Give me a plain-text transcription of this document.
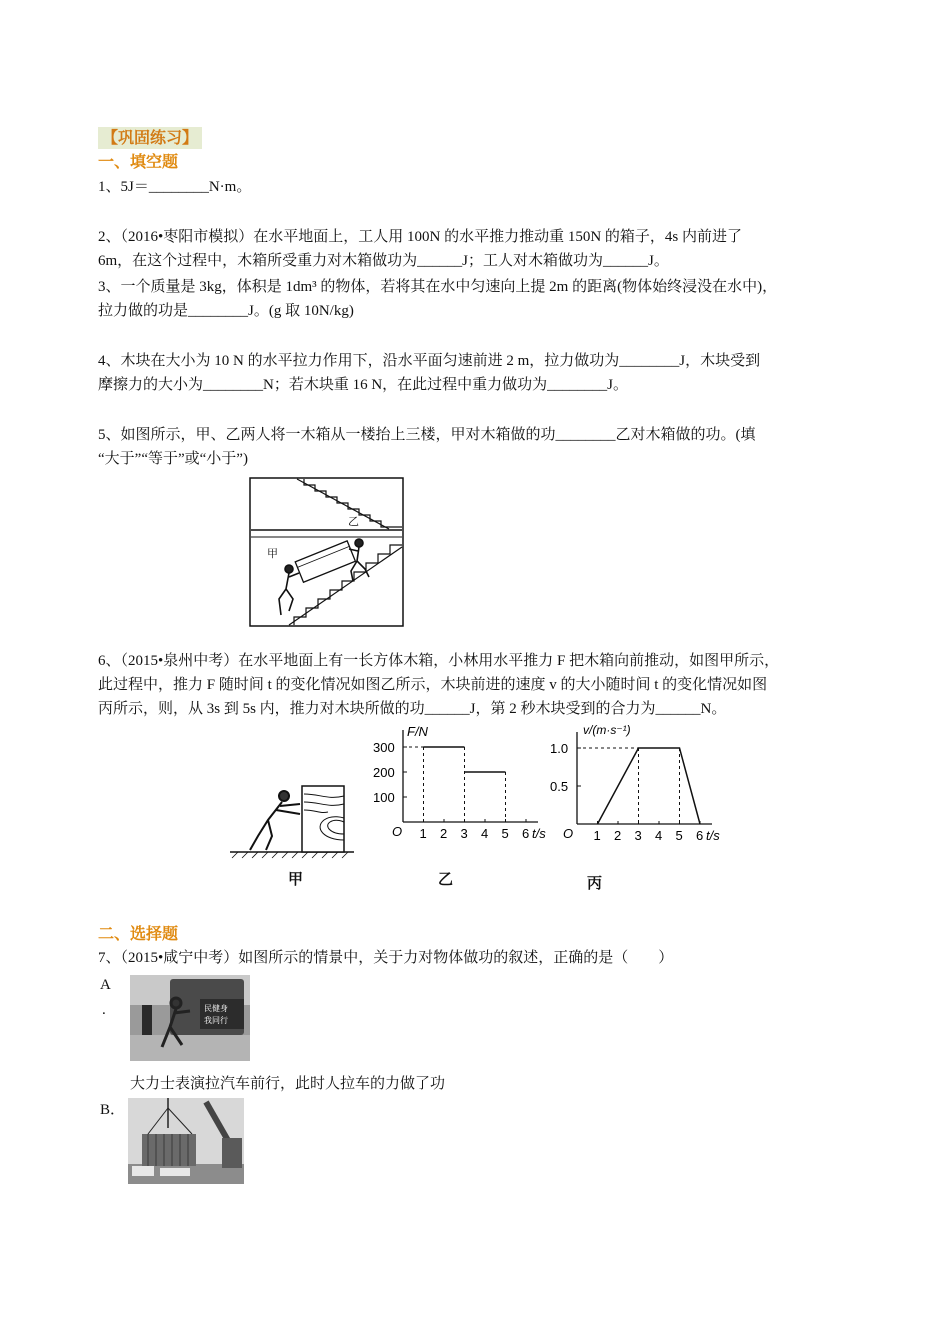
【巩固练习】
一、填空题
1、5J＝________N·m。
2、（2016•枣阳市模拟）在水平地面上，工人用 100N 的水平推力推动重 150N 的箱子，4s 内前进了
6m，在这个过程中，木箱所受重力对木箱做功为______J；工人对木箱做功为______J。
3、一个质量是 3kg，体积是 1dm³ 的物体，若将其在水中匀速向上提 2m 的距离(物体始终浸没在水中)，
拉力做的功是________J。(g 取 10N/kg)
4、木块在大小为 10 N 的水平拉力作用下，沿水平面匀速前进 2 m，拉力做功为________J，木块受到
摩擦力的大小为________N；若木块重 16 N，在此过程中重力做功为________J。
5、如图所示，甲、乙两人将一木箱从一楼抬上三楼，甲对木箱做的功________乙对木箱做的功。(填
“大于”“等于”或“小于”)
乙
甲
6、（2015•泉州中考）在水平地面上有一长方体木箱，小林用水平推力 F 把木箱向前推动，如图甲所示，
此过程中，推力 F 随时间 t 的变化情况如图乙所示，木块前进的速度 v 的大小随时间 t 的变化情况如图
丙所示，则，从 3s 到 5s 内，推力对木块所做的功______J，第 2 秒木块受到的合力为______N。
甲
F/N
O 1 2 3 4 5 6 t/s
100
200
300
乙
v/(m·s⁻¹)
O 1 2 3 4 5 6 t/s
0.5
1.0
丙
二、选择题
7、（2015•咸宁中考）如图所示的情景中，关于力对物体做功的叙述，正确的是（　　）
A
.	民健身
我同行
大力士表演拉汽车前行，此时人拉车的力做了功
B．
